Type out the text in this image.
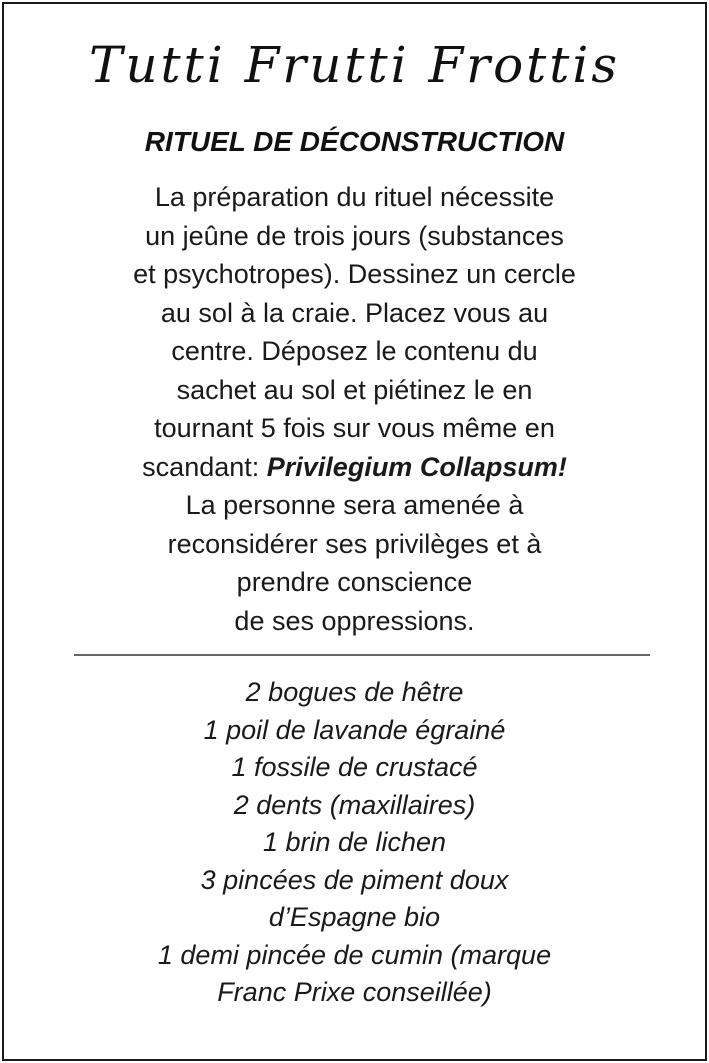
Tutti Frutti Frottis
RITUEL DE DÉCONSTRUCTION
La préparation du rituel nécessite
un jeûne de trois jours (substances
et psychotropes). Dessinez un cercle
au sol à la craie. Placez vous au
centre. Déposez le contenu du
sachet au sol et piétinez le en
tournant 5 fois sur vous même en
scandant: Privilegium Collapsum!
La personne sera amenée à
reconsidérer ses privilèges et à
prendre conscience
de ses oppressions.
2 bogues de hêtre
1 poil de lavande égrainé
1 fossile de crustacé
2 dents (maxillaires)
1 brin de lichen
3 pincées de piment doux
d’Espagne bio
1 demi pincée de cumin (marque
Franc Prixe conseillée)
